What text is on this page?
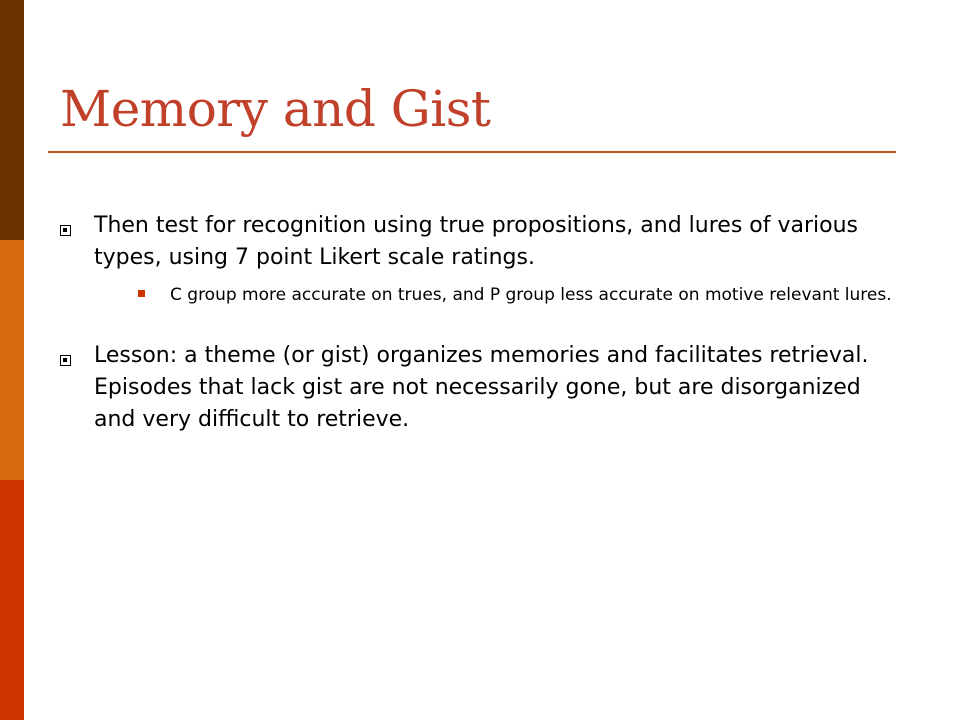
Memory and Gist
Then test for recognition using true propositions, and lures of various types, using 7 point Likert scale ratings.
C group more accurate on trues, and P group less accurate on motive relevant lures.
Lesson: a theme (or gist) organizes memories and facilitates retrieval. Episodes that lack gist are not necessarily gone, but are disorganized and very difficult to retrieve.
